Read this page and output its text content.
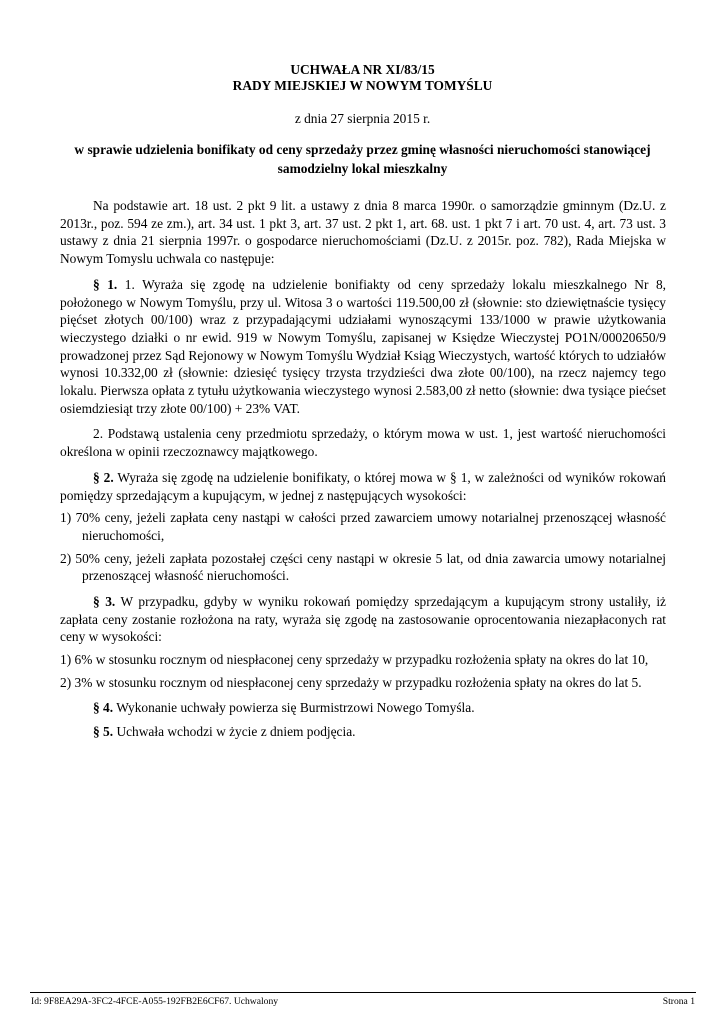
UCHWAŁA NR XI/83/15
RADY MIEJSKIEJ W NOWYM TOMYŚLU
z dnia 27 sierpnia 2015 r.
w sprawie udzielenia bonifikaty od ceny sprzedaży przez gminę własności nieruchomości stanowiącej samodzielny lokal mieszkalny

Na podstawie art. 18 ust. 2 pkt 9 lit. a ustawy z dnia 8 marca 1990r. o samorządzie gminnym (Dz.U. z 2013r., poz. 594 ze zm.), art. 34 ust. 1 pkt 3, art. 37 ust. 2 pkt 1, art. 68. ust. 1 pkt 7 i art. 70 ust. 4, art. 73 ust. 3 ustawy z dnia 21 sierpnia 1997r. o gospodarce nieruchomościami (Dz.U. z 2015r. poz. 782), Rada Miejska w Nowym Tomyslu uchwala co następuje:

§ 1. 1. Wyraża się zgodę na udzielenie bonifiakty od ceny sprzedaży lokalu mieszkalnego Nr 8, położonego w Nowym Tomyślu, przy ul. Witosa 3 o wartości 119.500,00 zł (słownie: sto dziewiętnaście tysięcy pięćset złotych 00/100) wraz z przypadającymi udziałami wynoszącymi 133/1000 w prawie użytkowania wieczystego działki o nr ewid. 919 w Nowym Tomyślu, zapisanej w Księdze Wieczystej PO1N/00020650/9 prowadzonej przez Sąd Rejonowy w Nowym Tomyślu Wydział Ksiąg Wieczystych, wartość których to udziałów wynosi 10.332,00 zł (słownie: dziesięć tysięcy trzysta trzydzieści dwa złote 00/100), na rzecz najemcy tego lokalu. Pierwsza opłata z tytułu użytkowania wieczystego wynosi 2.583,00 zł netto (słownie: dwa tysiące piećset osiemdziesiąt trzy złote 00/100) + 23% VAT.

2. Podstawą ustalenia ceny przedmiotu sprzedaży, o którym mowa w ust. 1, jest wartość nieruchomości określona w opinii rzeczoznawcy majątkowego.

§ 2. Wyraża się zgodę na udzielenie bonifikaty, o której mowa w § 1, w zależności od wyników rokowań pomiędzy sprzedającym a kupującym, w jednej z następujących wysokości:

1) 70% ceny, jeżeli zapłata ceny nastąpi w całości przed zawarciem umowy notarialnej przenoszącej własność nieruchomości,

2) 50% ceny, jeżeli zapłata pozostałej części ceny nastąpi w okresie 5 lat, od dnia zawarcia umowy notarialnej przenoszącej własność nieruchomości.

§ 3. W przypadku, gdyby w wyniku rokowań pomiędzy sprzedającym a kupującym strony ustaliły, iż zapłata ceny zostanie rozłożona na raty, wyraża się zgodę na zastosowanie oprocentowania niezapłaconych rat ceny w wysokości:

1) 6% w stosunku rocznym od niespłaconej ceny sprzedaży w przypadku rozłożenia spłaty na okres do lat 10,

2) 3% w stosunku rocznym od niespłaconej ceny sprzedaży w przypadku rozłożenia spłaty na okres do lat 5.

§ 4. Wykonanie uchwały powierza się Burmistrzowi Nowego Tomyśla.

§ 5. Uchwała wchodzi w życie z dniem podjęcia.

Id: 9F8EA29A-3FC2-4FCE-A055-192FB2E6CF67. Uchwalony	Strona 1
